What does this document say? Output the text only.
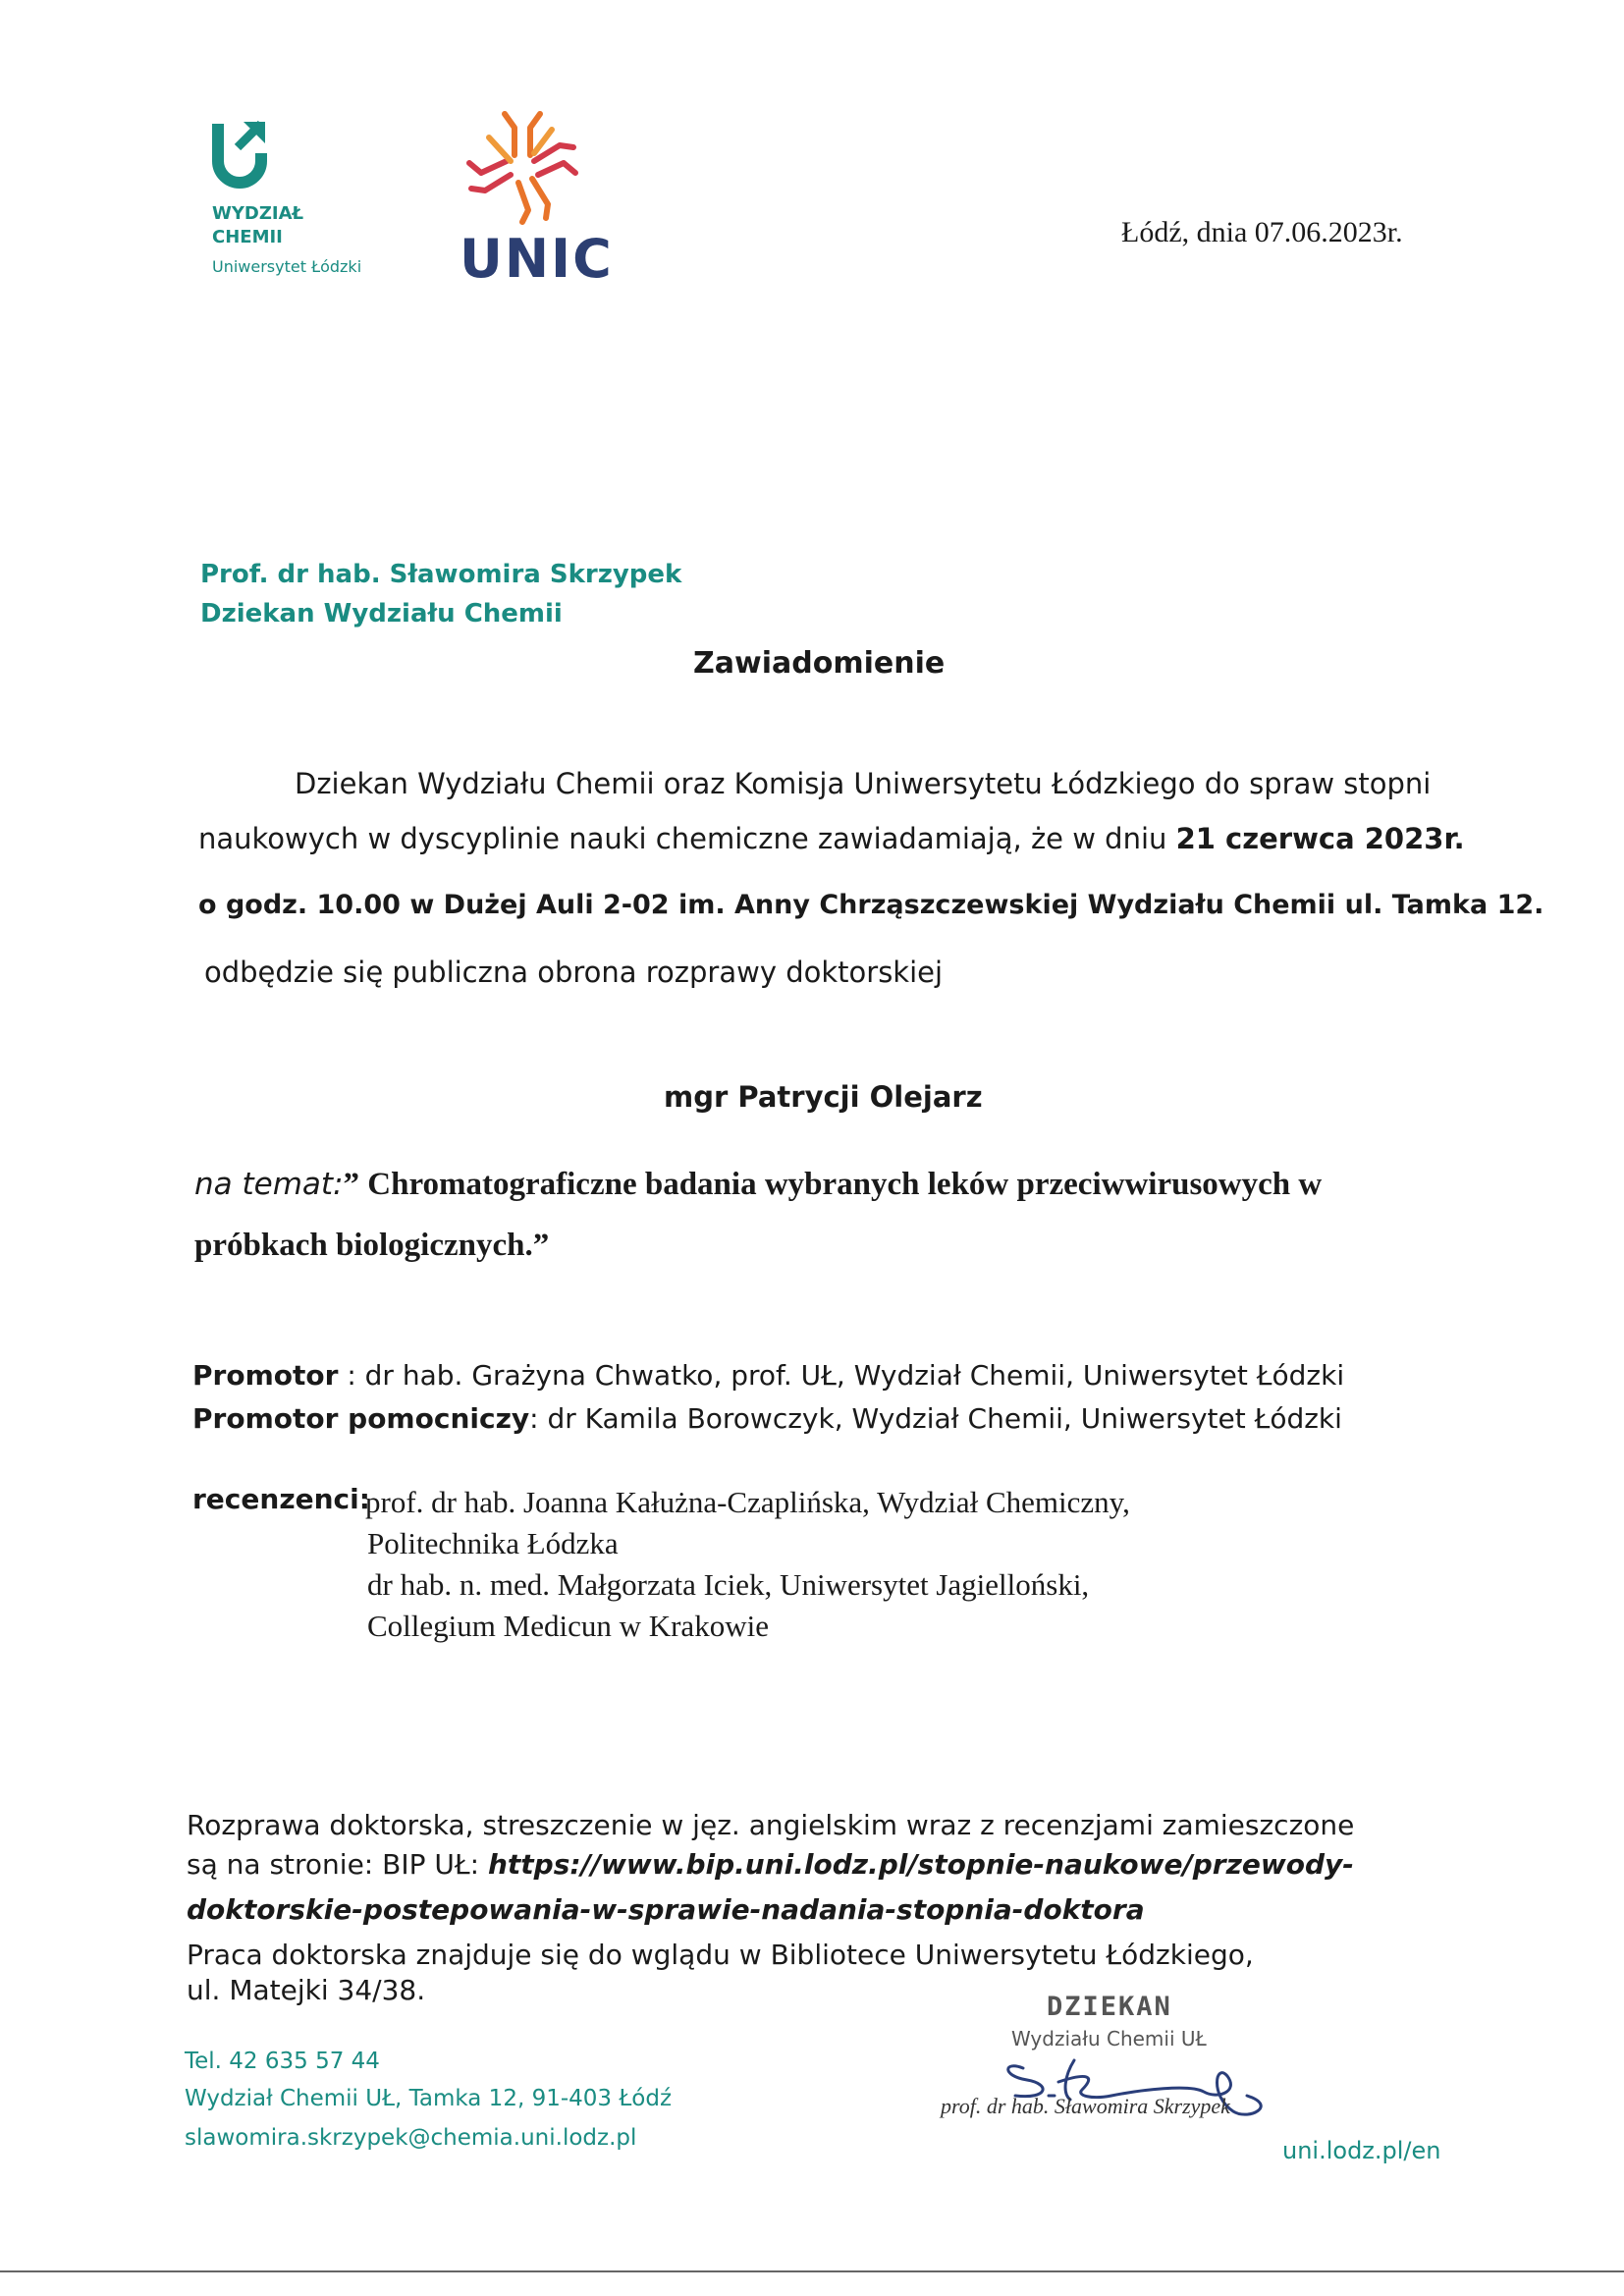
WYDZIAŁ
CHEMII
Uniwersytet Łódzki UNIC	Łódź, dnia 07.06.2023r.
Prof. dr hab. Sławomira Skrzypek
Dziekan Wydziału Chemii
Zawiadomienie
Dziekan Wydziału Chemii oraz Komisja Uniwersytetu Łódzkiego do spraw stopni
naukowych w dyscyplinie nauki chemiczne zawiadamiają, że w dniu 21 czerwca 2023r.
o godz. 10.00 w Dużej Auli 2-02 im. Anny Chrząszczewskiej Wydziału Chemii ul. Tamka 12.
odbędzie się publiczna obrona rozprawy doktorskiej
mgr Patrycji Olejarz
na temat:” Chromatograficzne badania wybranych leków przeciwwirusowych w
próbkach biologicznych.”
Promotor : dr hab. Grażyna Chwatko, prof. UŁ, Wydział Chemii, Uniwersytet Łódzki
Promotor pomocniczy: dr Kamila Borowczyk, Wydział Chemii, Uniwersytet Łódzki
recenzenci:
prof. dr hab. Joanna Kałużna-Czaplińska, Wydział Chemiczny,
Politechnika Łódzka
dr hab. n. med. Małgorzata Iciek, Uniwersytet Jagielloński,
Collegium Medicun w Krakowie
Rozprawa doktorska, streszczenie w jęz. angielskim wraz z recenzjami zamieszczone
są na stronie: BIP UŁ: https://www.bip.uni.lodz.pl/stopnie-naukowe/przewody-
doktorskie-postepowania-w-sprawie-nadania-stopnia-doktora
Praca doktorska znajduje się do wglądu w Bibliotece Uniwersytetu Łódzkiego,
ul. Matejki 34/38.
DZIEKAN
Wydziału Chemii UŁ
prof. dr hab. Sławomira Skrzypek
Tel. 42 635 57 44
Wydział Chemii UŁ, Tamka 12, 91-403 Łódź
slawomira.skrzypek@chemia.uni.lodz.pl	uni.lodz.pl/en
